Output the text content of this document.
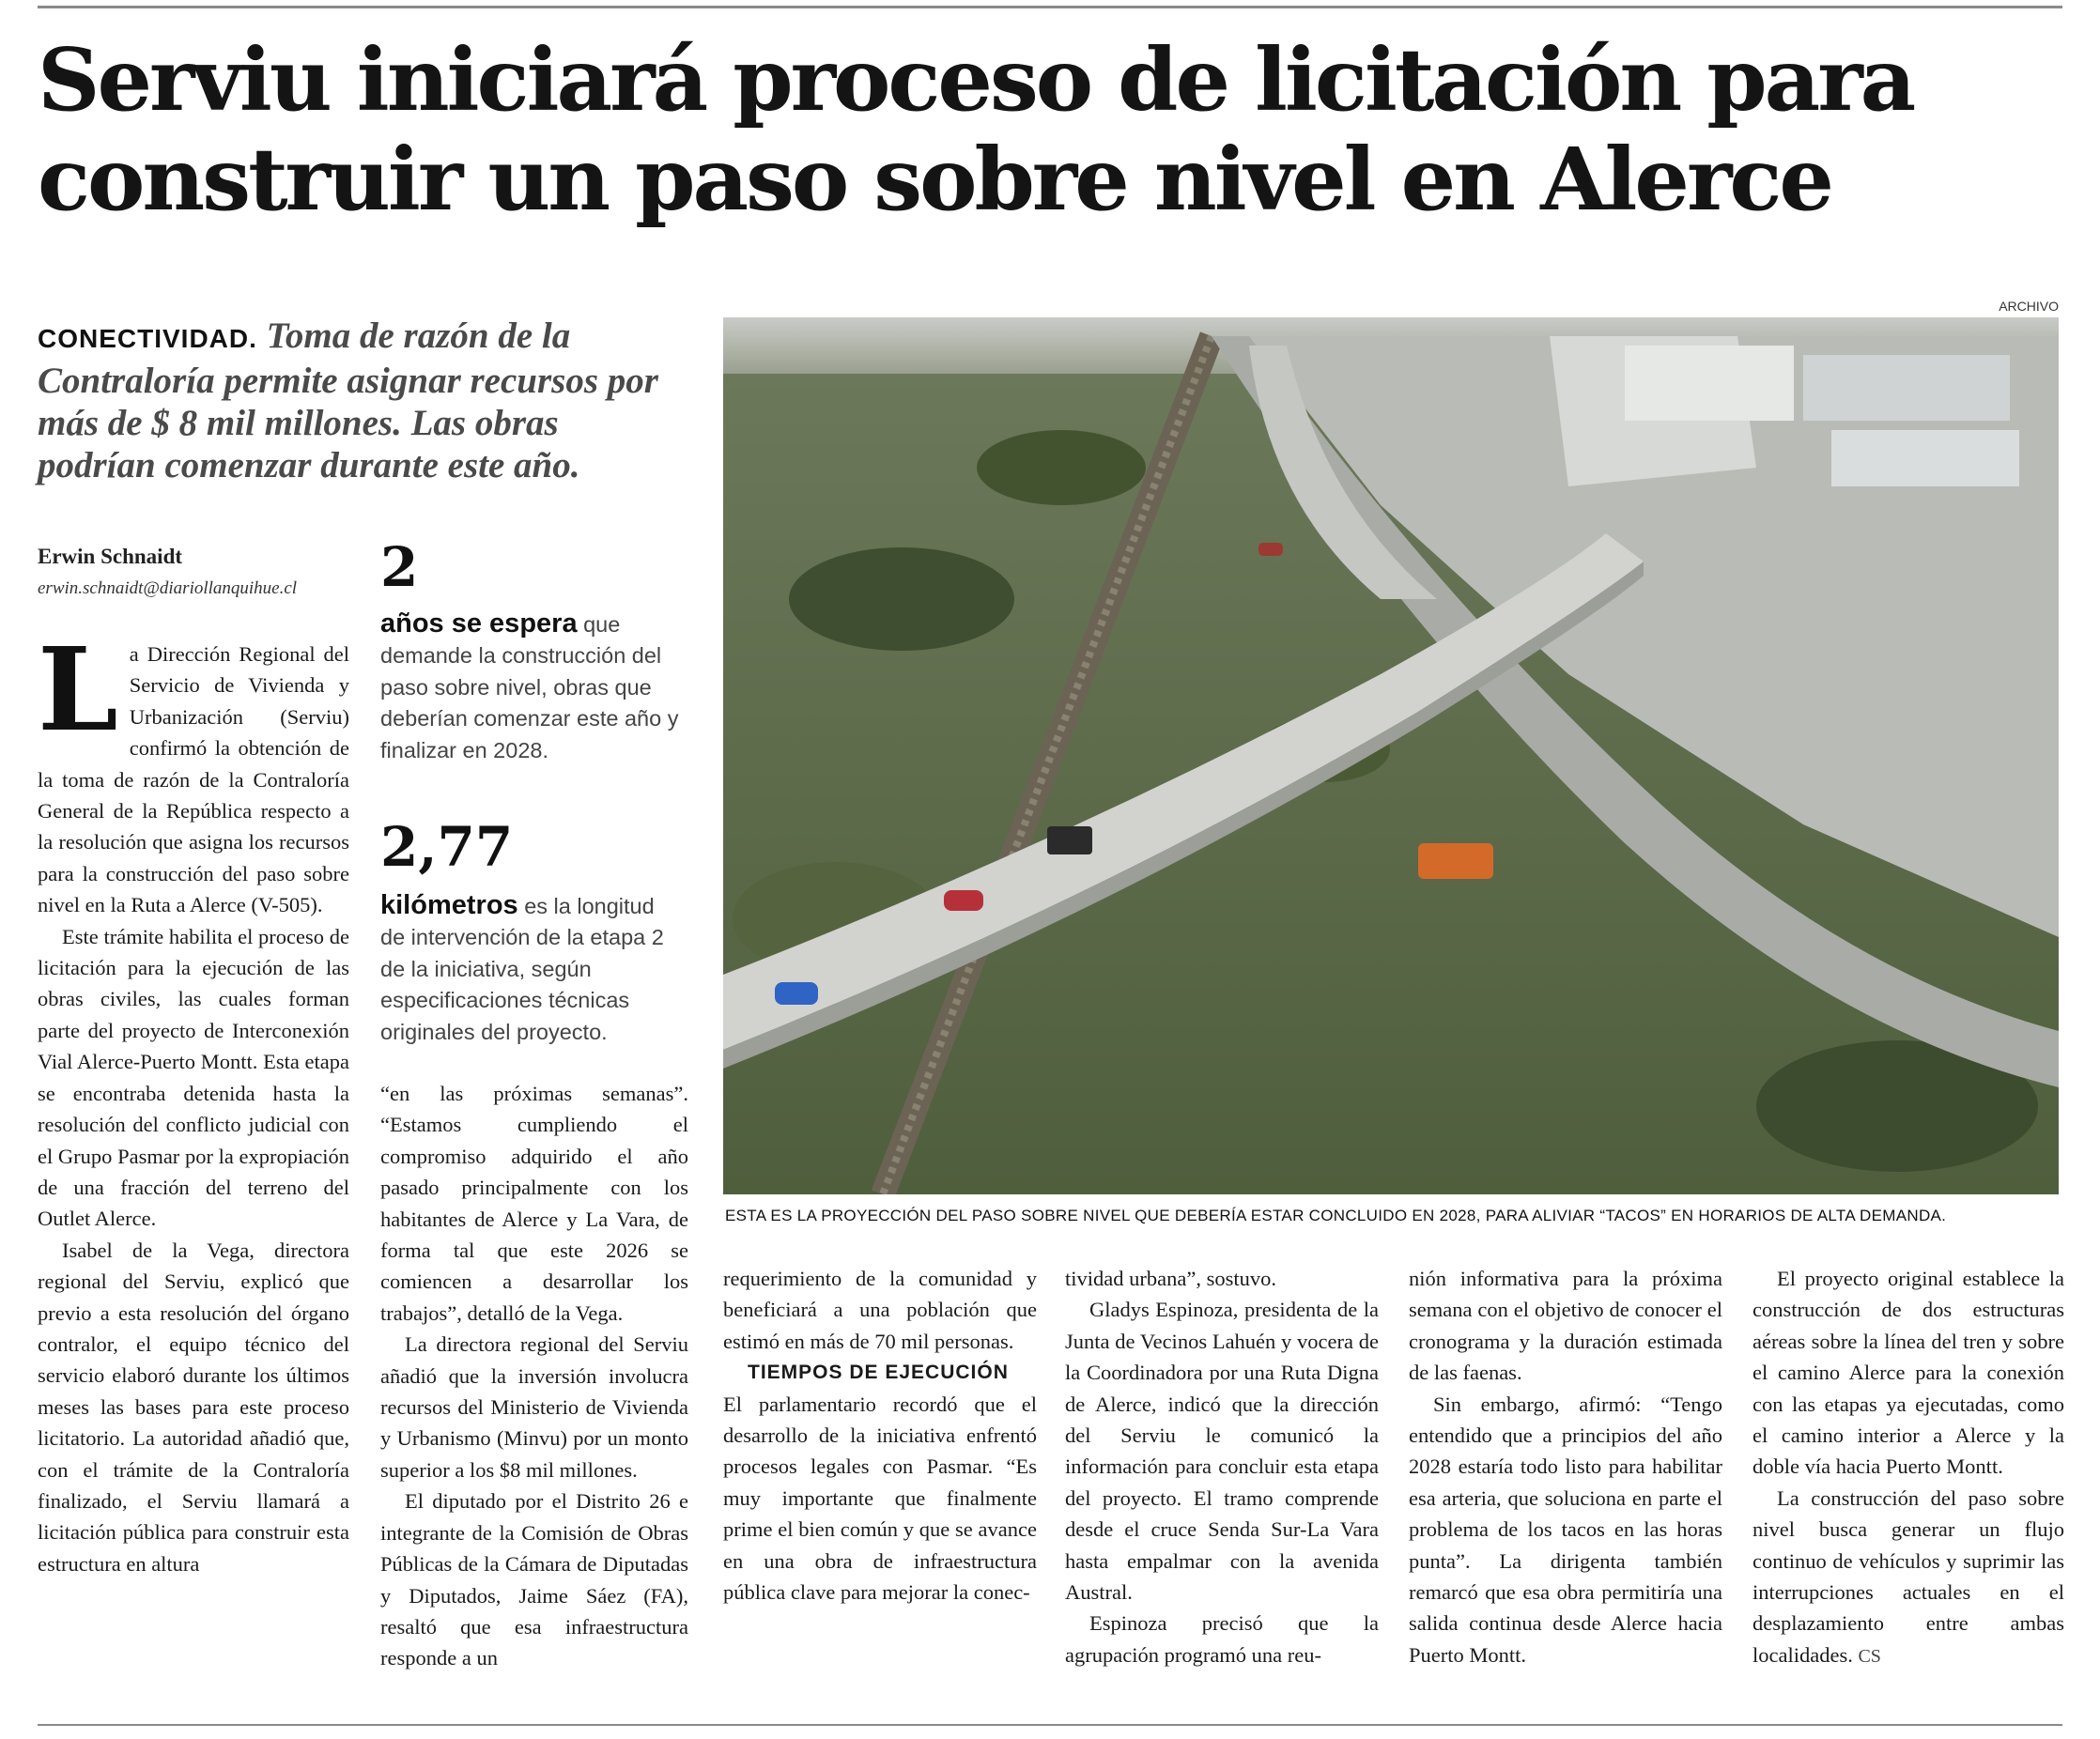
Serviu iniciará proceso de licitación para construir un paso sobre nivel en Alerce
ARCHIVO

CONECTIVIDAD. Toma de razón de la Contraloría permite asignar recursos por más de $ 8 mil millones. Las obras podrían comenzar durante este año.

Erwin Schnaidt
erwin.schnaidt@diariollanquihue.cl 2

años se espera que demande la construcción del paso sobre nivel, obras que deberían comenzar este año y finalizar en 2028.

2,77

kilómetros es la longitud de intervención de la etapa 2 de la iniciativa, según especificaciones técnicas originales del proyecto.

ESTA ES LA PROYECCIÓN DEL PASO SOBRE NIVEL QUE DEBERÍA ESTAR CONCLUIDO EN 2028, PARA ALIVIAR “TACOS” EN HORARIOS DE ALTA DEMANDA.

La Dirección Regional del Servicio de Vivienda y Urbanización (Serviu) confirmó la obtención de la toma de razón de la Contraloría General de la República respecto a la resolución que asigna los recursos para la construcción del paso sobre nivel en la Ruta a Alerce (V-505).

Este trámite habilita el proceso de licitación para la ejecución de las obras civiles, las cuales forman parte del proyecto de Interconexión Vial Alerce-Puerto Montt. Esta etapa se encontraba detenida hasta la resolución del conflicto judicial con el Grupo Pasmar por la expropiación de una fracción del terreno del Outlet Alerce.

Isabel de la Vega, directora regional del Serviu, explicó que previo a esta resolución del órgano contralor, el equipo técnico del servicio elaboró durante los últimos meses las bases para este proceso licitatorio. La autoridad añadió que, con el trámite de la Contraloría finalizado, el Serviu llamará a licitación pública para construir esta estructura en altura

“en las próximas semanas”. “Estamos cumpliendo el compromiso adquirido el año pasado principalmente con los habitantes de Alerce y La Vara, de forma tal que este 2026 se comiencen a desarrollar los trabajos”, detalló de la Vega.

La directora regional del Serviu añadió que la inversión involucra recursos del Ministerio de Vivienda y Urbanismo (Minvu) por un monto superior a los $8 mil millones.

El diputado por el Distrito 26 e integrante de la Comisión de Obras Públicas de la Cámara de Diputadas y Diputados, Jaime Sáez (FA), resaltó que esa infraestructura responde a un

requerimiento de la comunidad y beneficiará a una población que estimó en más de 70 mil personas.

TIEMPOS DE EJECUCIÓN

El parlamentario recordó que el desarrollo de la iniciativa enfrentó procesos legales con Pasmar. “Es muy importante que finalmente prime el bien común y que se avance en una obra de infraestructura pública clave para mejorar la conec-

tividad urbana”, sostuvo.

Gladys Espinoza, presidenta de la Junta de Vecinos Lahuén y vocera de la Coordinadora por una Ruta Digna de Alerce, indicó que la dirección del Serviu le comunicó la información para concluir esta etapa del proyecto. El tramo comprende desde el cruce Senda Sur-La Vara hasta empalmar con la avenida Austral.

Espinoza precisó que la agrupación programó una reu-

nión informativa para la próxima semana con el objetivo de conocer el cronograma y la duración estimada de las faenas.

Sin embargo, afirmó: “Tengo entendido que a principios del año 2028 estaría todo listo para habilitar esa arteria, que soluciona en parte el problema de los tacos en las horas punta”. La dirigenta también remarcó que esa obra permitiría una salida continua desde Alerce hacia Puerto Montt.

El proyecto original establece la construcción de dos estructuras aéreas sobre la línea del tren y sobre el camino Alerce para la conexión con las etapas ya ejecutadas, como el camino interior a Alerce y la doble vía hacia Puerto Montt.

La construcción del paso sobre nivel busca generar un flujo continuo de vehículos y suprimir las interrupciones actuales en el desplazamiento entre ambas localidades. CS
